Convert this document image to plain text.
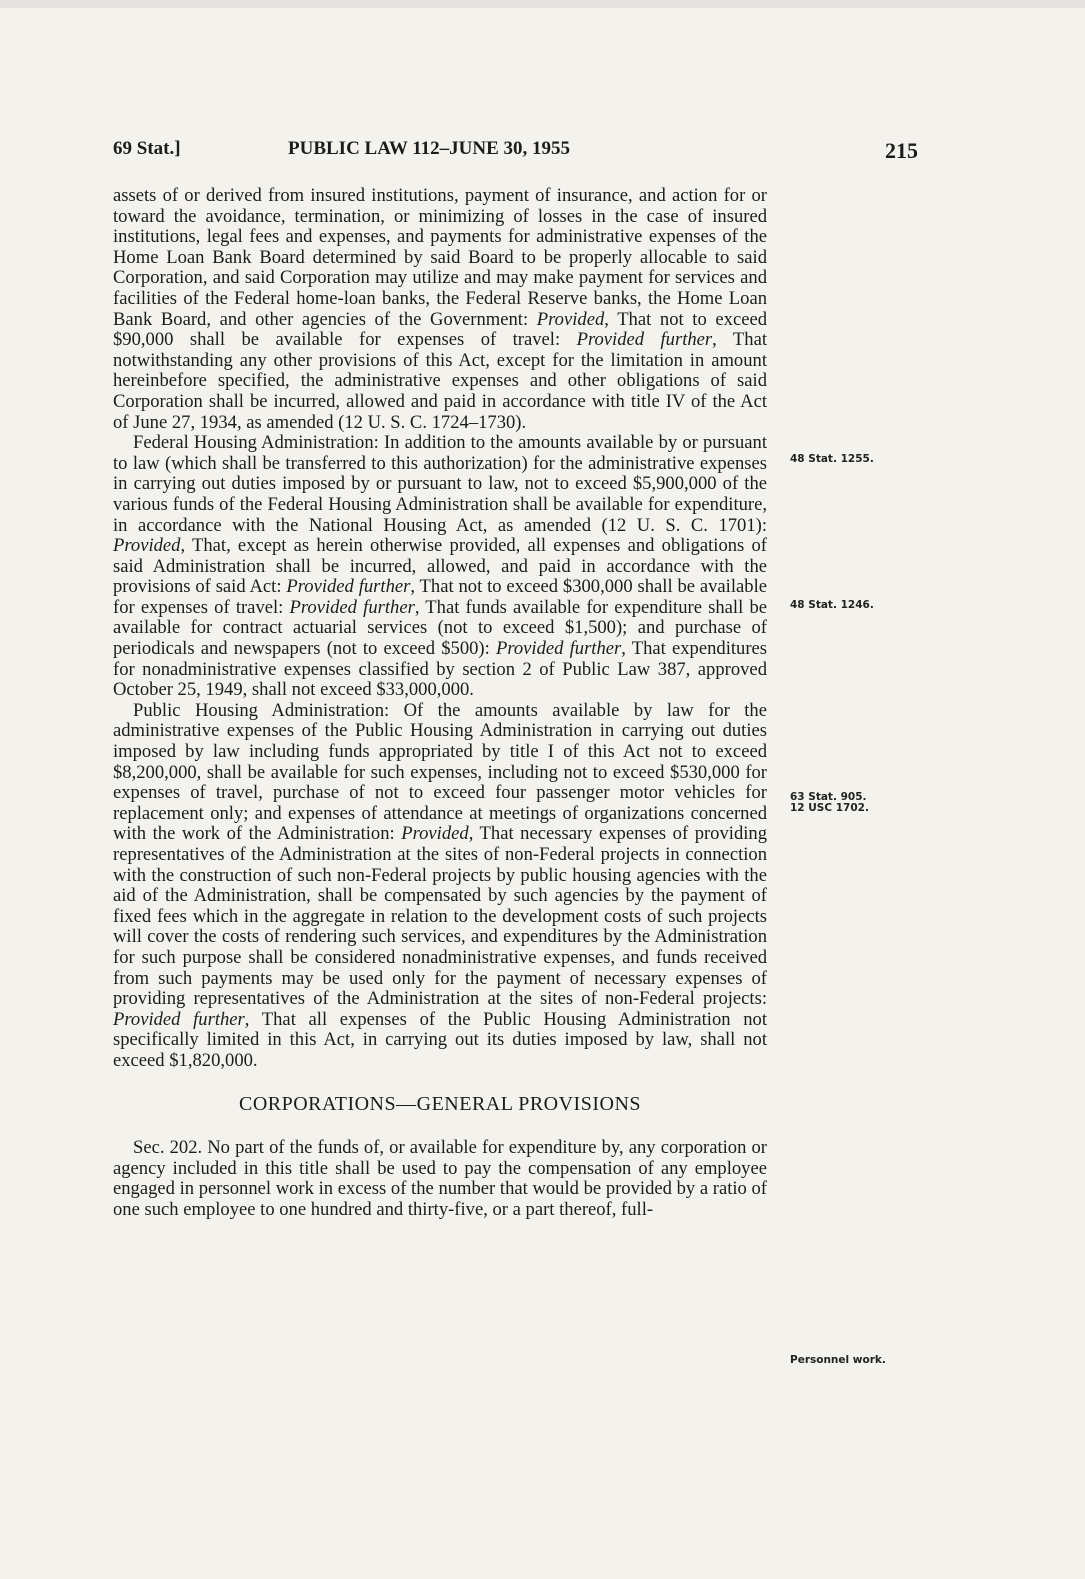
69 Stat.]	PUBLIC LAW 112–JUNE 30, 1955	215

assets of or derived from insured institutions, payment of insurance, and action for or toward the avoidance, termination, or minimizing of losses in the case of insured institutions, legal fees and expenses, and payments for administrative expenses of the Home Loan Bank Board determined by said Board to be properly allocable to said Corporation, and said Corporation may utilize and may make payment for services and facilities of the Federal home-loan banks, the Federal Reserve banks, the Home Loan Bank Board, and other agencies of the Government: Provided, That not to exceed $90,000 shall be available for expenses of travel: Provided further, That notwithstanding any other provisions of this Act, except for the limitation in amount hereinbefore specified, the administrative expenses and other obligations of said Corporation shall be incurred, allowed and paid in accordance with title IV of the Act of June 27, 1934, as amended (12 U. S. C. 1724–1730).

Federal Housing Administration: In addition to the amounts available by or pursuant to law (which shall be transferred to this authorization) for the administrative expenses in carrying out duties imposed by or pursuant to law, not to exceed $5,900,000 of the various funds of the Federal Housing Administration shall be available for expenditure, in accordance with the National Housing Act, as amended (12 U. S. C. 1701): Provided, That, except as herein otherwise provided, all expenses and obligations of said Administration shall be incurred, allowed, and paid in accordance with the provisions of said Act: Provided further, That not to exceed $300,000 shall be available for expenses of travel: Provided further, That funds available for expenditure shall be available for contract actuarial services (not to exceed $1,500); and purchase of periodicals and newspapers (not to exceed $500): Provided further, That expenditures for nonadministrative expenses classified by section 2 of Public Law 387, approved October 25, 1949, shall not exceed $33,000,000.

Public Housing Administration: Of the amounts available by law for the administrative expenses of the Public Housing Administration in carrying out duties imposed by law including funds appropriated by title I of this Act not to exceed $8,200,000, shall be available for such expenses, including not to exceed $530,000 for expenses of travel, purchase of not to exceed four passenger motor vehicles for replacement only; and expenses of attendance at meetings of organizations concerned with the work of the Administration: Provided, That necessary expenses of providing representatives of the Administration at the sites of non-Federal projects in connection with the construction of such non-Federal projects by public housing agencies with the aid of the Administration, shall be compensated by such agencies by the payment of fixed fees which in the aggregate in relation to the development costs of such projects will cover the costs of rendering such services, and expenditures by the Administration for such purpose shall be considered nonadministrative expenses, and funds received from such payments may be used only for the payment of necessary expenses of providing representatives of the Administration at the sites of non-Federal projects: Provided further, That all expenses of the Public Housing Administration not specifically limited in this Act, in carrying out its duties imposed by law, shall not exceed $1,820,000.

CORPORATIONS—GENERAL PROVISIONS

Sec. 202. No part of the funds of, or available for expenditure by, any corporation or agency included in this title shall be used to pay the compensation of any employee engaged in personnel work in excess of the number that would be provided by a ratio of one such employee to one hundred and thirty-five, or a part thereof, full-

48 Stat. 1255.
48 Stat. 1246.
63 Stat. 905.
12 USC 1702.
Personnel work.
